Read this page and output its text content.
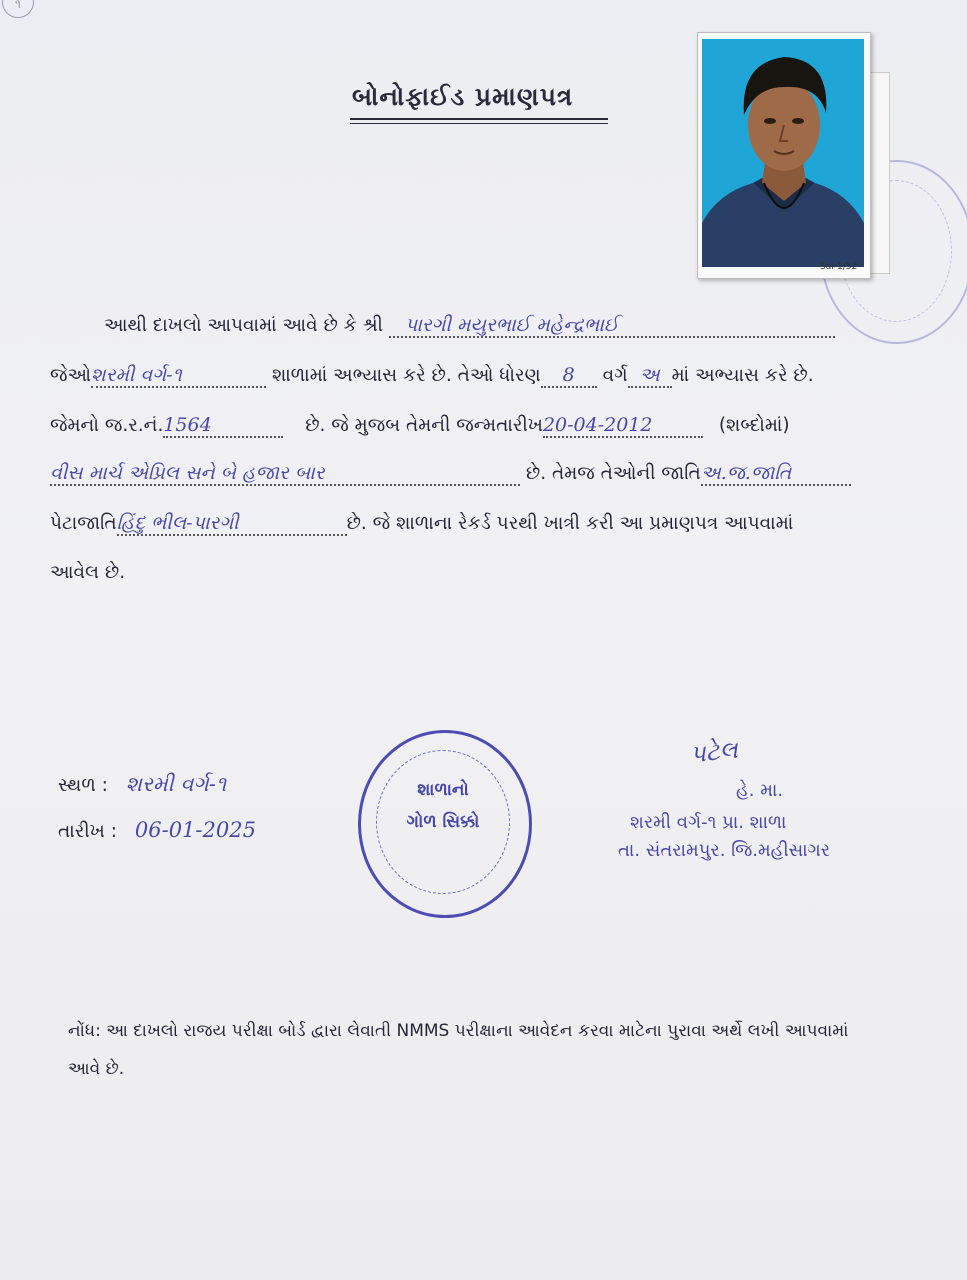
૧
બોનોફાઈડ પ્રમાણપત્ર
Sai-1/52
આથી દાખલો આપવામાં આવે છે કે શ્રી પારગી મયુરભાઈ મહેન્દ્રભાઈ
જેઓશરમી વર્ગ-૧	શાળામાં અભ્યાસ કરે છે. તેઓ ધોરણ 8 વર્ગ અ માં અભ્યાસ કરે છે.
જેમનો જ.ર.નં.1564	છે. જે મુજબ તેમની જન્મતારીખ20-04-2012	(શબ્દોમાં)
વીસ માર્ચ એપ્રિલ સને બે હજાર બાર	છે. તેમજ તેઓની જાતિઅ.જ.જાતિ
પેટાજાતિહિંદુ ભીલ-પારગી	છે. જે શાળાના રેકર્ડ પરથી ખાત્રી કરી આ પ્રમાણપત્ર આપવામાં
આવેલ છે.
સ્થળ : શરમી વર્ગ-૧
તારીખ : 06-01-2025
શાળાનો
ગોળ સિક્કો
પટેલ
હે. મા.
શરમી વર્ગ-૧ પ્રા. શાળા
તા. સંતરામપુર. જિ.મહીસાગર
નોંધ: આ દાખલો રાજય પરીક્ષા બોર્ડ દ્વારા લેવાતી NMMS પરીક્ષાના આવેદન કરવા માટેના પુરાવા અર્થે લખી આપવામાં આવે છે.
